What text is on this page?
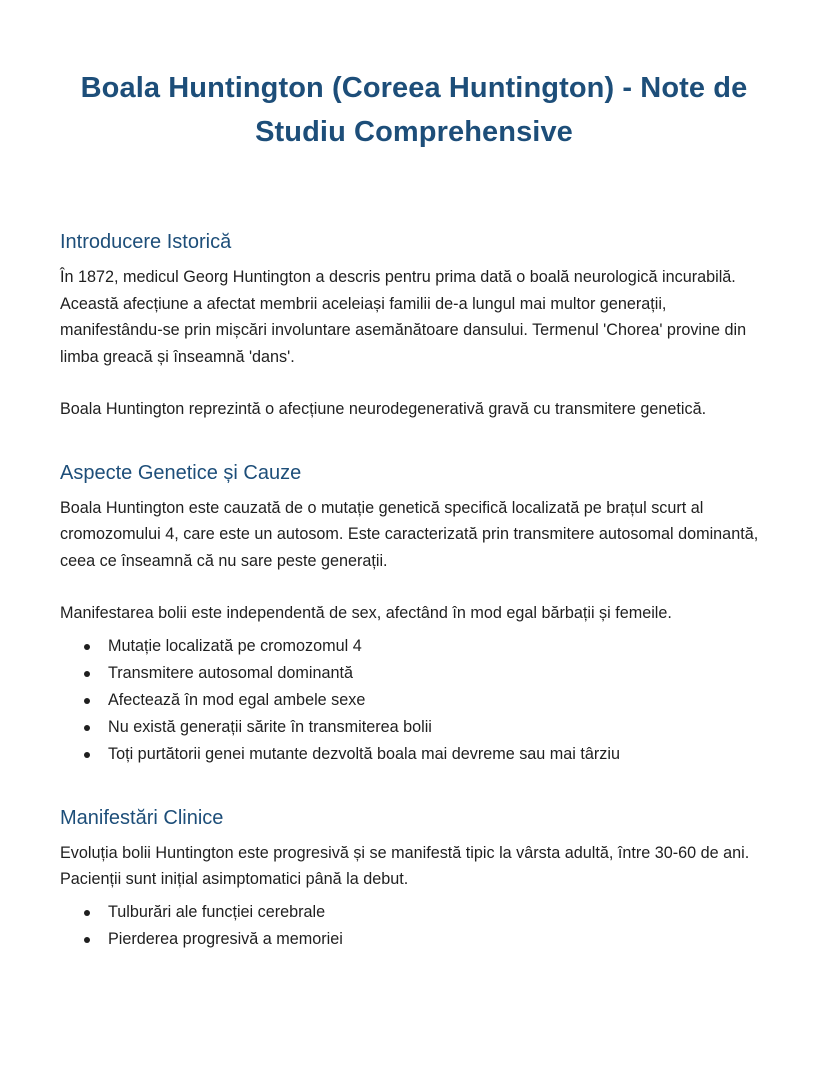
Boala Huntington (Coreea Huntington) - Note de Studiu Comprehensive
Introducere Istorică

În 1872, medicul Georg Huntington a descris pentru prima dată o boală neurologică incurabilă. Această afecțiune a afectat membrii aceleiași familii de-a lungul mai multor generații, manifestându-se prin mișcări involuntare asemănătoare dansului. Termenul 'Chorea' provine din limba greacă și înseamnă 'dans'.

Boala Huntington reprezintă o afecțiune neurodegenerativă gravă cu transmitere genetică.

Aspecte Genetice și Cauze

Boala Huntington este cauzată de o mutație genetică specifică localizată pe brațul scurt al cromozomului 4, care este un autosom. Este caracterizată prin transmitere autosomal dominantă, ceea ce înseamnă că nu sare peste generații.

Manifestarea bolii este independentă de sex, afectând în mod egal bărbații și femeile.

Mutație localizată pe cromozomul 4
Transmitere autosomal dominantă
Afectează în mod egal ambele sexe
Nu există generații sărite în transmiterea bolii
Toți purtătorii genei mutante dezvoltă boala mai devreme sau mai târziu
Manifestări Clinice

Evoluția bolii Huntington este progresivă și se manifestă tipic la vârsta adultă, între 30-60 de ani. Pacienții sunt inițial asimptomatici până la debut.

Tulburări ale funcției cerebrale
Pierderea progresivă a memoriei
